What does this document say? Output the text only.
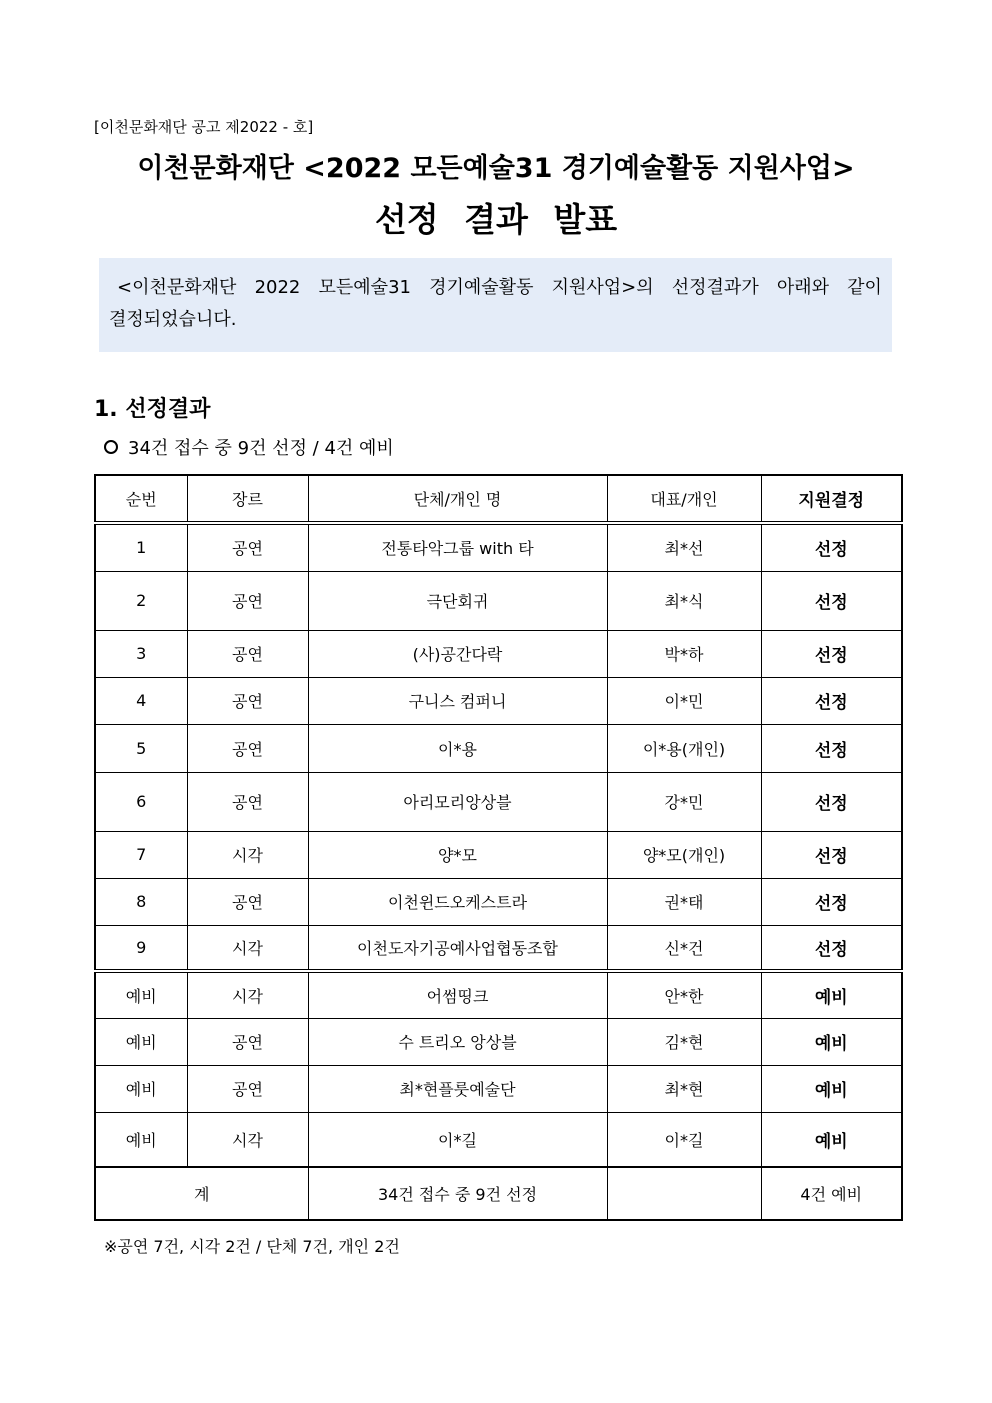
[이천문화재단 공고 제2022 - 호]
이천문화재단 <2022 모든예술31 경기예술활동 지원사업>
선정 결과 발표
<이천문화재단 2022 모든예술31 경기예술활동 지원사업>의 선정결과가 아래와 같이
결정되었습니다.
1. 선정결과
34건 접수 중 9건 선정 / 4건 예비
순번	장르	단체/개인 명	대표/개인	지원결정
1	공연	전통타악그룹 with 타	최*선	선정
2	공연	극단회귀	최*식	선정
3	공연	(사)공간다락	박*하	선정
4	공연	구니스 컴퍼니	이*민	선정
5	공연	이*용	이*용(개인)	선정
6	공연	아리모리앙상블	강*민	선정
7	시각	양*모	양*모(개인)	선정
8	공연	이천윈드오케스트라	권*태	선정
9	시각	이천도자기공예사업협동조합	신*건	선정
예비	시각	어썸띵크	안*한	예비
예비	공연	수 트리오 앙상블	김*현	예비
예비	공연	최*현플룻예술단	최*현	예비
예비	시각	이*길	이*길	예비
계		34건 접수 중 9건 선정		4건 예비
※공연 7건, 시각 2건 / 단체 7건, 개인 2건
